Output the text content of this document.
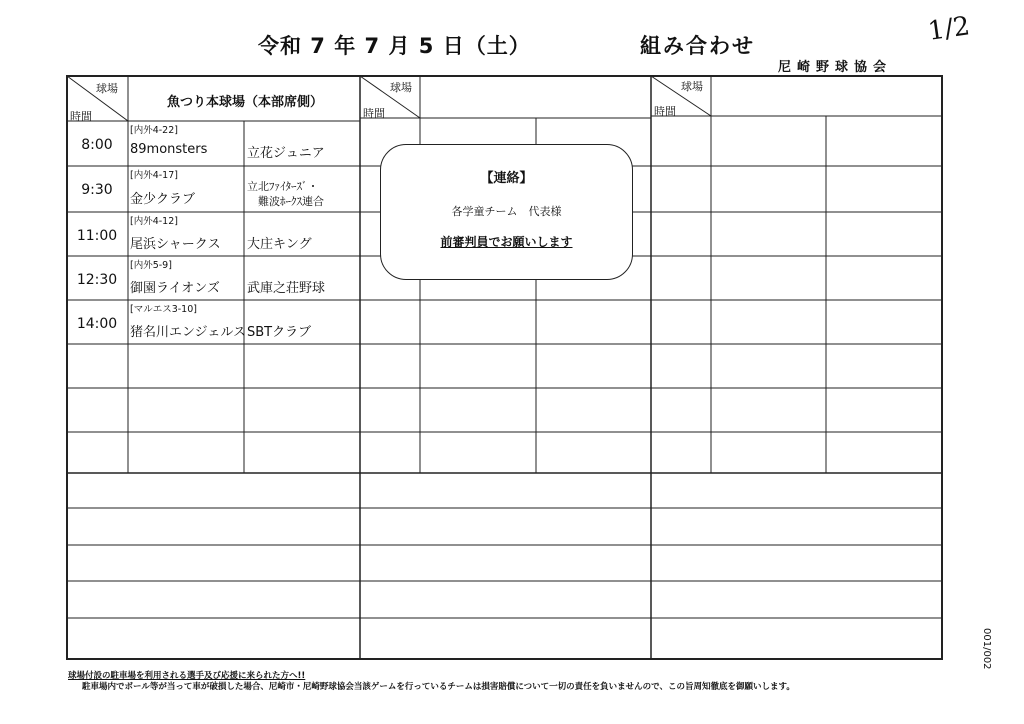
令和 7 年 7 月 5 日（土）	組み合わせ
尼崎野球協会
1/2
球場
時間
球場
時間
球場
時間
魚つり本球場（本部席側）
8:00
[内外4-22]
89monsters	立花ジュニア
9:30
[内外4-17]
金少クラブ
立北ﾌｧｲﾀｰｽﾞ・
難波ﾎｰｸｽ連合
11:00
[内外4-12]
尾浜シャークス 大庄キング
12:30
[内外5-9]
御園ライオンズ 武庫之荘野球
14:00
[マルエス3-10]
猪名川エンジェルス SBTクラブ
【連絡】
各学童チーム　代表様
前審判員でお願いします
球場付設の駐車場を利用される選手及び応援に来られた方へ!!
駐車場内でボール等が当って車が破損した場合、尼崎市・尼崎野球協会当該ゲームを行っているチームは損害賠償について一切の責任を負いませんので、この旨周知徹底を御願いします。
001/002
